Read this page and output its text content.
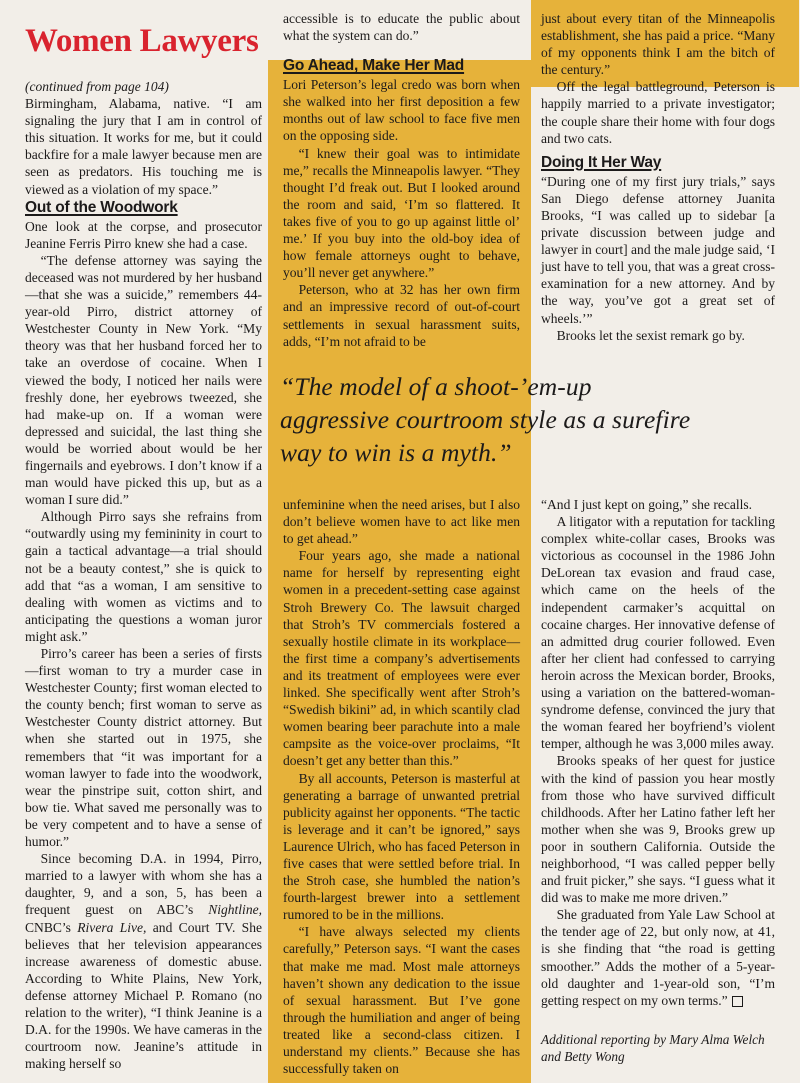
Women Lawyers

(continued from page 104)

Birmingham, Alabama, native. “I am signaling the jury that I am in control of this situation. It works for me, but it could backfire for a male lawyer because men are seen as predators. His touching me is viewed as a violation of my space.”

Out of the Woodwork

One look at the corpse, and prosecutor Jeanine Ferris Pirro knew she had a case.

“The defense attorney was saying the deceased was not murdered by her husband—that she was a suicide,” remembers 44-year-old Pirro, district attorney of Westchester County in New York. “My theory was that her husband forced her to take an overdose of cocaine. When I viewed the body, I noticed her nails were freshly done, her eyebrows tweezed, she had make-up on. If a woman were depressed and suicidal, the last thing she would be worried about would be her fingernails and eyebrows. I don’t know if a man would have picked this up, but as a woman I sure did.”

Although Pirro says she refrains from “outwardly using my femininity in court to gain a tactical advantage—a trial should not be a beauty contest,” she is quick to add that “as a woman, I am sensitive to dealing with women as victims and to anticipating the questions a woman juror might ask.”

Pirro’s career has been a series of firsts—first woman to try a murder case in Westchester County; first woman elected to the county bench; first woman to serve as Westchester County district attorney. But when she started out in 1975, she remembers that “it was important for a woman lawyer to fade into the woodwork, wear the pinstripe suit, cotton shirt, and bow tie. What saved me personally was to be very competent and to have a sense of humor.”

Since becoming D.A. in 1994, Pirro, married to a lawyer with whom she has a daughter, 9, and a son, 5, has been a frequent guest on ABC’s Nightline, CNBC’s Rivera Live, and Court TV. She believes that her television appearances increase awareness of domestic abuse. According to White Plains, New York, defense attorney Michael P. Romano (no relation to the writer), “I think Jeanine is a D.A. for the 1990s. We have cameras in the courtroom now. Jeanine’s attitude in making herself so

accessible is to educate the public about what the system can do.”

Go Ahead, Make Her Mad

Lori Peterson’s legal credo was born when she walked into her first deposition a few months out of law school to face five men on the opposing side.

“I knew their goal was to intimidate me,” recalls the Minneapolis lawyer. “They thought I’d freak out. But I looked around the room and said, ‘I’m so flattered. It takes five of you to go up against little ol’ me.’ If you buy into the old-boy idea of how female attorneys ought to behave, you’ll never get anywhere.”

Peterson, who at 32 has her own firm and an impressive record of out-of-court settlements in sexual harassment suits, adds, “I’m not afraid to be

just about every titan of the Minneapolis establishment, she has paid a price. “Many of my opponents think I am the bitch of the century.”

Off the legal battleground, Peterson is happily married to a private investigator; the couple share their home with four dogs and two cats.

Doing It Her Way

“During one of my first jury trials,” says San Diego defense attorney Juanita Brooks, “I was called up to sidebar [a private discussion between judge and lawyer in court] and the male judge said, ‘I just have to tell you, that was a great cross-examination for a new attorney. And by the way, you’ve got a great set of wheels.’”

Brooks let the sexist remark go by.

“The model of a shoot-’em-up aggressive courtroom style as a surefire way to win is a myth.”

unfeminine when the need arises, but I also don’t believe women have to act like men to get ahead.”

Four years ago, she made a national name for herself by representing eight women in a precedent-setting case against Stroh Brewery Co. The lawsuit charged that Stroh’s TV commercials fostered a sexually hostile climate in its workplace—the first time a company’s advertisements and its treatment of employees were ever linked. She specifically went after Stroh’s “Swedish bikini” ad, in which scantily clad women bearing beer parachute into a male campsite as the voice-over proclaims, “It doesn’t get any better than this.”

By all accounts, Peterson is masterful at generating a barrage of unwanted pretrial publicity against her opponents. “The tactic is leverage and it can’t be ignored,” says Laurence Ulrich, who has faced Peterson in five cases that were settled before trial. In the Stroh case, she humbled the nation’s fourth-largest brewer into a settlement rumored to be in the millions.

“I have always selected my clients carefully,” Peterson says. “I want the cases that make me mad. Most male attorneys haven’t shown any dedication to the issue of sexual harassment. But I’ve gone through the humiliation and anger of being treated like a second-class citizen. I understand my clients.” Because she has successfully taken on

“And I just kept on going,” she recalls.

A litigator with a reputation for tackling complex white-collar cases, Brooks was victorious as cocounsel in the 1986 John DeLorean tax evasion and fraud case, which came on the heels of the independent carmaker’s acquittal on cocaine charges. Her innovative defense of an admitted drug courier followed. Even after her client had confessed to carrying heroin across the Mexican border, Brooks, using a variation on the battered-woman-syndrome defense, convinced the jury that the woman feared her boyfriend’s violent temper, although he was 3,000 miles away.

Brooks speaks of her quest for justice with the kind of passion you hear mostly from those who have survived difficult childhoods. After her Latino father left her mother when she was 9, Brooks grew up poor in southern California. Outside the neighborhood, “I was called pepper belly and fruit picker,” she says. “I guess what it did was to make me more driven.”

She graduated from Yale Law School at the tender age of 22, but only now, at 41, is she finding that “the road is getting smoother.” Adds the mother of a 5-year-old daughter and 1-year-old son, “I’m getting respect on my own terms.”

Additional reporting by Mary Alma Welch and Betty Wong
